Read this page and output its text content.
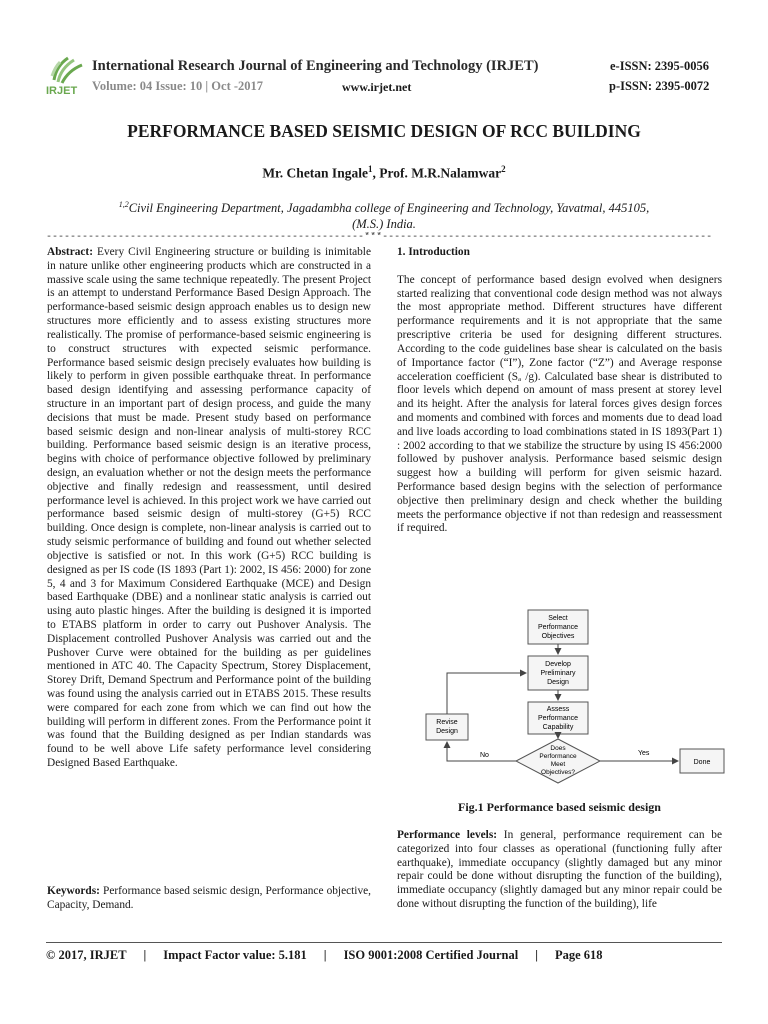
IRJET
International Research Journal of Engineering and Technology (IRJET)	e-ISSN: 2395-0056
Volume: 04 Issue: 10 | Oct -2017	www.irjet.net	p-ISSN: 2395-0072
PERFORMANCE BASED SEISMIC DESIGN OF RCC BUILDING
Mr. Chetan Ingale$^1$, Prof. M.R.Nalamwar$^2$
$^{1,2}$Civil Engineering Department, Jagadambha college of Engineering and Technology, Yavatmal, 445105,
(M.S.) India.
-----------------------------------------------------***-------------------------------------------------------

Abstract: Every Civil Engineering structure or building is inimitable in nature unlike other engineering products which are constructed in a massive scale using the same technique repeatedly. The present Project is an attempt to understand Performance Based Design Approach. The performance-based seismic design approach enables us to design new structures more efficiently and to assess existing structures more realistically. The promise of performance-based seismic engineering is to construct structures with expected seismic performance. Performance based seismic design precisely evaluates how building is likely to perform in given possible earthquake threat. In performance based design identifying and assessing performance capacity of structure in an important part of design process, and guide the many decisions that must be made. Present study based on performance based seismic design and non-linear analysis of multi-storey RCC building. Performance based seismic design is an iterative process, begins with choice of performance objective followed by preliminary design, an evaluation whether or not the design meets the performance objective and finally redesign and reassessment, until desired performance level is achieved. In this project work we have carried out performance based seismic design of multi-storey (G+5) RCC building. Once design is complete, non-linear analysis is carried out to study seismic performance of building and found out whether selected objective is satisfied or not. In this work (G+5) RCC building is designed as per IS code (IS 1893 (Part 1): 2002, IS 456: 2000) for zone 5, 4 and 3 for Maximum Considered Earthquake (MCE) and Design based Earthquake (DBE) and a nonlinear static analysis is carried out using auto plastic hinges. After the building is designed it is imported to ETABS platform in order to carry out Pushover Analysis. The Displacement controlled Pushover Analysis was carried out and the Pushover Curve were obtained for the building as per guidelines mentioned in ATC 40. The Capacity Spectrum, Storey Displacement, Storey Drift, Demand Spectrum and Performance point of the building was found using the analysis carried out in ETABS 2015. These results were compared for each zone from which we can find out how the building will perform in different zones. From the Performance point it was found that the Building designed as per Indian standards was found to be well above Life safety performance level considering Designed Based Earthquake.

Keywords: Performance based seismic design, Performance objective, Capacity, Demand.

1. Introduction

The concept of performance based design evolved when designers started realizing that conventional code design method was not always the most appropriate method. Different structures have different performance requirements and it is not appropriate that the same prescriptive criteria be used for designing different structures. According to the code guidelines base shear is calculated on the basis of Importance factor (“I”), Zone factor (“Z”) and Average response acceleration coefficient (Sₐ /g). Calculated base shear is distributed to floor levels which depend on amount of mass present at storey level and its height. After the analysis for lateral forces gives design forces and moments and combined with forces and moments due to dead load and live loads according to load combinations stated in IS 1893(Part 1) : 2002 according to that we stabilize the structure by using IS 456:2000 followed by pushover analysis. Performance based seismic design suggest how a building will perform for given seismic hazard. Performance based design begins with the selection of performance objective then preliminary design and check whether the building meets the performance objective if not than redesign and reassessment if required.

Select
Performance
Objectives
Develop
Preliminary
Design
Assess
Performance
Capability
Does
Performance
Meet
Objectives?
Revise
Design
No	Yes
Done
Fig.1 Performance based seismic design

Performance levels: In general, performance requirement can be categorized into four classes as operational (functioning fully after earthquake), immediate occupancy (slightly damaged but any minor repair could be done without disrupting the function of the building), immediate occupancy (slightly damaged but any minor repair could be done without disrupting the function of the building), life

© 2017, IRJET | Impact Factor value: 5.181 | ISO 9001:2008 Certified Journal | Page 618
